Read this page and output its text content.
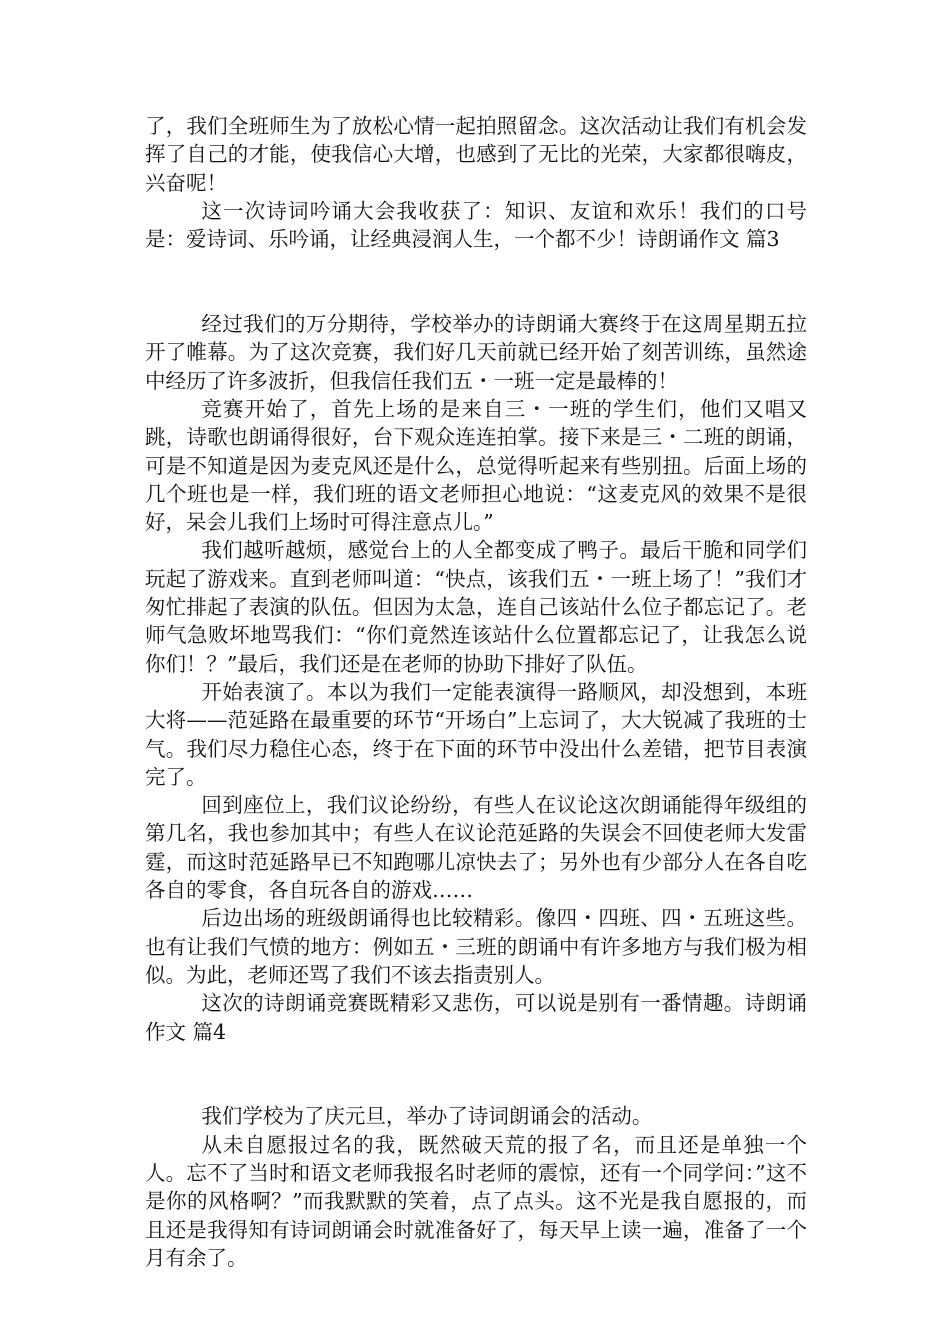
了，我们全班师生为了放松心情一起拍照留念。这次活动让我们有机会发挥了自己的才能，使我信心大增，也感到了无比的光荣，大家都很嗨皮，兴奋呢！

这一次诗词吟诵大会我收获了：知识、友谊和欢乐！我们的口号是：爱诗词、乐吟诵，让经典浸润人生，一个都不少！诗朗诵作文 篇3

经过我们的万分期待，学校举办的诗朗诵大赛终于在这周星期五拉开了帷幕。为了这次竞赛，我们好几天前就已经开始了刻苦训练，虽然途中经历了许多波折，但我信任我们五・一班一定是最棒的！

竞赛开始了，首先上场的是来自三・一班的学生们，他们又唱又跳，诗歌也朗诵得很好，台下观众连连拍掌。接下来是三・二班的朗诵，可是不知道是因为麦克风还是什么，总觉得听起来有些别扭。后面上场的几个班也是一样，我们班的语文老师担心地说：“这麦克风的效果不是很好，呆会儿我们上场时可得注意点儿。”

我们越听越烦，感觉台上的人全都变成了鸭子。最后干脆和同学们玩起了游戏来。直到老师叫道：“快点，该我们五・一班上场了！”我们才匆忙排起了表演的队伍。但因为太急，连自己该站什么位子都忘记了。老师气急败坏地骂我们：“你们竟然连该站什么位置都忘记了，让我怎么说你们！？”最后，我们还是在老师的协助下排好了队伍。

开始表演了。本以为我们一定能表演得一路顺风，却没想到，本班大将——范延路在最重要的环节“开场白”上忘词了，大大锐减了我班的士气。我们尽力稳住心态，终于在下面的环节中没出什么差错，把节目表演完了。

回到座位上，我们议论纷纷，有些人在议论这次朗诵能得年级组的第几名，我也参加其中；有些人在议论范延路的失误会不回使老师大发雷霆，而这时范延路早已不知跑哪儿凉快去了；另外也有少部分人在各自吃各自的零食，各自玩各自的游戏……

后边出场的班级朗诵得也比较精彩。像四・四班、四・五班这些。也有让我们气愤的地方：例如五・三班的朗诵中有许多地方与我们极为相似。为此，老师还骂了我们不该去指责别人。

这次的诗朗诵竞赛既精彩又悲伤，可以说是别有一番情趣。诗朗诵作文 篇4

我们学校为了庆元旦，举办了诗词朗诵会的活动。

从未自愿报过名的我，既然破天荒的报了名，而且还是单独一个人。忘不了当时和语文老师我报名时老师的震惊，还有一个同学问：”这不是你的风格啊？”而我默默的笑着，点了点头。这不光是我自愿报的，而且还是我得知有诗词朗诵会时就准备好了，每天早上读一遍，准备了一个月有余了。
